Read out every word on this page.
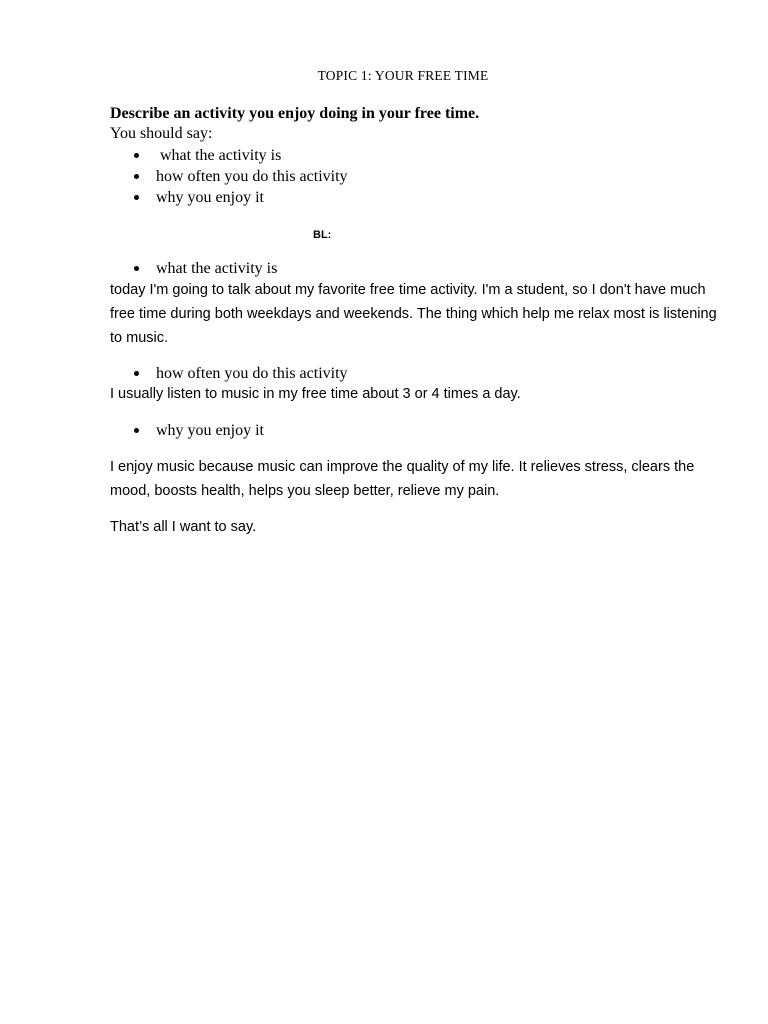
TOPIC 1: YOUR FREE TIME
Describe an activity you enjoy doing in your free time.
You should say:
what the activity is
how often you do this activity
why you enjoy it
BL:
what the activity is

today I'm going to talk about my favorite free time activity. I'm a student, so I don't have much free time during both weekdays and weekends. The thing which help me relax most is listening to music.

how often you do this activity

I usually listen to music in my free time about 3 or 4 times a day.

why you enjoy it

I enjoy music because music can improve the quality of my life. It relieves stress, clears the mood, boosts health, helps you sleep better, relieve my pain.

That’s all I want to say.
